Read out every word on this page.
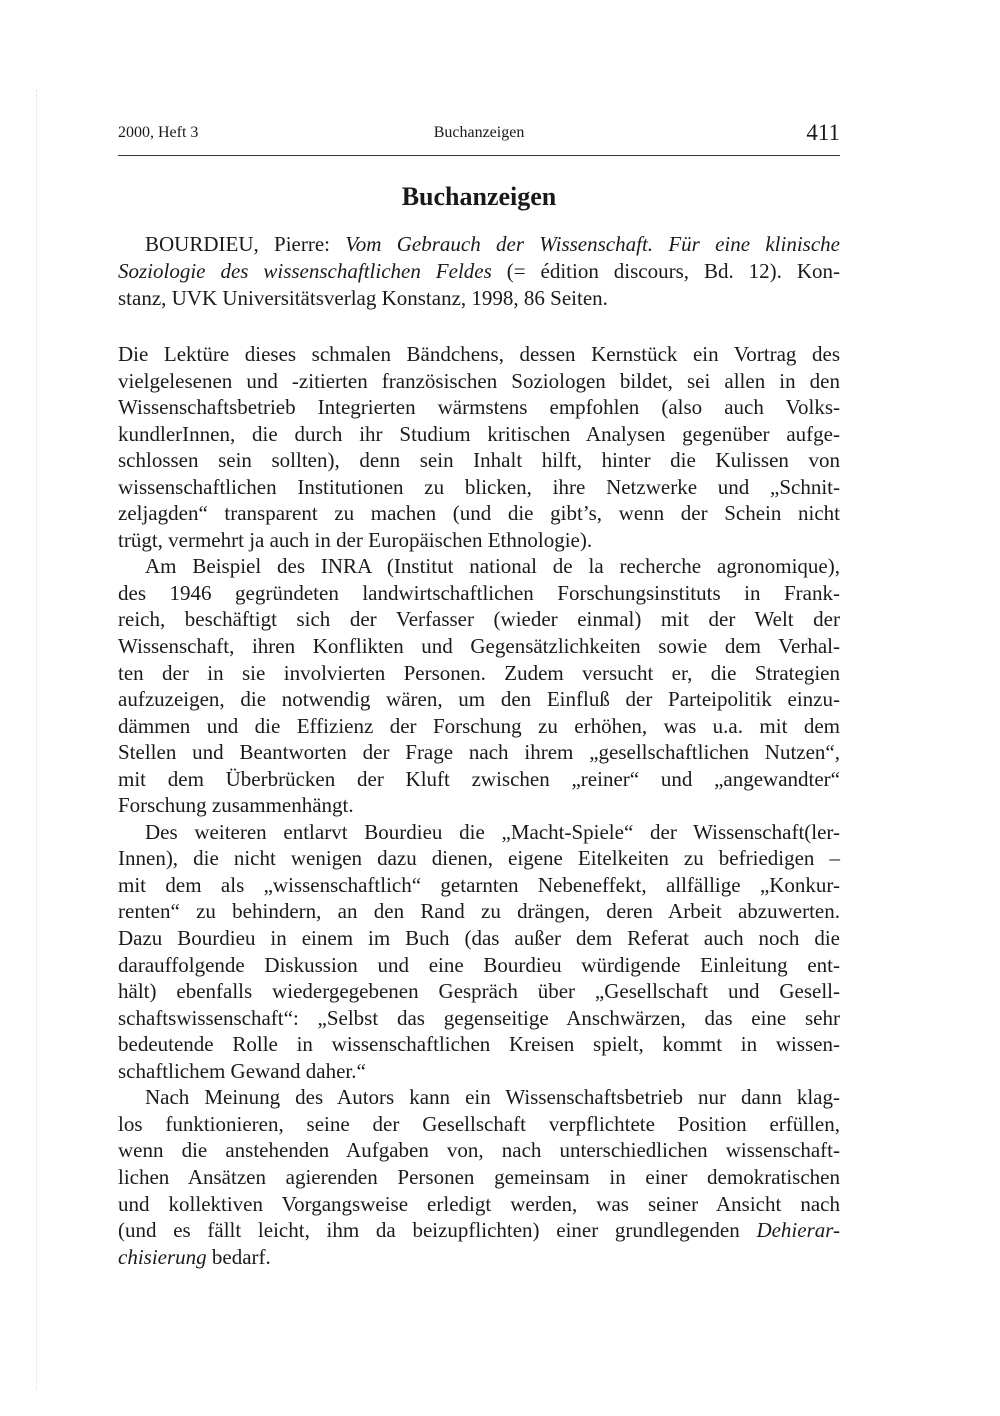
2000, Heft 3	Buchanzeigen	411
Buchanzeigen
BOURDIEU, Pierre: Vom Gebrauch der Wissenschaft. Für eine klinische
Soziologie des wissenschaftlichen Feldes (= édition discours, Bd. 12). Kon-
stanz, UVK Universitätsverlag Konstanz, 1998, 86 Seiten.
Die Lektüre dieses schmalen Bändchens, dessen Kernstück ein Vortrag des
vielgelesenen und -zitierten französischen Soziologen bildet, sei allen in den
Wissenschaftsbetrieb Integrierten wärmstens empfohlen (also auch Volks-
kundlerInnen, die durch ihr Studium kritischen Analysen gegenüber aufge-
schlossen sein sollten), denn sein Inhalt hilft, hinter die Kulissen von
wissenschaftlichen Institutionen zu blicken, ihre Netzwerke und „Schnit-
zeljagden“ transparent zu machen (und die gibt’s, wenn der Schein nicht
trügt, vermehrt ja auch in der Europäischen Ethnologie).
Am Beispiel des INRA (Institut national de la recherche agronomique),
des 1946 gegründeten landwirtschaftlichen Forschungsinstituts in Frank-
reich, beschäftigt sich der Verfasser (wieder einmal) mit der Welt der
Wissenschaft, ihren Konflikten und Gegensätzlichkeiten sowie dem Verhal-
ten der in sie involvierten Personen. Zudem versucht er, die Strategien
aufzuzeigen, die notwendig wären, um den Einfluß der Parteipolitik einzu-
dämmen und die Effizienz der Forschung zu erhöhen, was u.a. mit dem
Stellen und Beantworten der Frage nach ihrem „gesellschaftlichen Nutzen“,
mit dem Überbrücken der Kluft zwischen „reiner“ und „angewandter“
Forschung zusammenhängt.
Des weiteren entlarvt Bourdieu die „Macht-Spiele“ der Wissenschaft(ler-
Innen), die nicht wenigen dazu dienen, eigene Eitelkeiten zu befriedigen –
mit dem als „wissenschaftlich“ getarnten Nebeneffekt, allfällige „Konkur-
renten“ zu behindern, an den Rand zu drängen, deren Arbeit abzuwerten.
Dazu Bourdieu in einem im Buch (das außer dem Referat auch noch die
darauffolgende Diskussion und eine Bourdieu würdigende Einleitung ent-
hält) ebenfalls wiedergegebenen Gespräch über „Gesellschaft und Gesell-
schaftswissenschaft“: „Selbst das gegenseitige Anschwärzen, das eine sehr
bedeutende Rolle in wissenschaftlichen Kreisen spielt, kommt in wissen-
schaftlichem Gewand daher.“
Nach Meinung des Autors kann ein Wissenschaftsbetrieb nur dann klag-
los funktionieren, seine der Gesellschaft verpflichtete Position erfüllen,
wenn die anstehenden Aufgaben von, nach unterschiedlichen wissenschaft-
lichen Ansätzen agierenden Personen gemeinsam in einer demokratischen
und kollektiven Vorgangsweise erledigt werden, was seiner Ansicht nach
(und es fällt leicht, ihm da beizupflichten) einer grundlegenden Dehierar-
chisierung bedarf.
